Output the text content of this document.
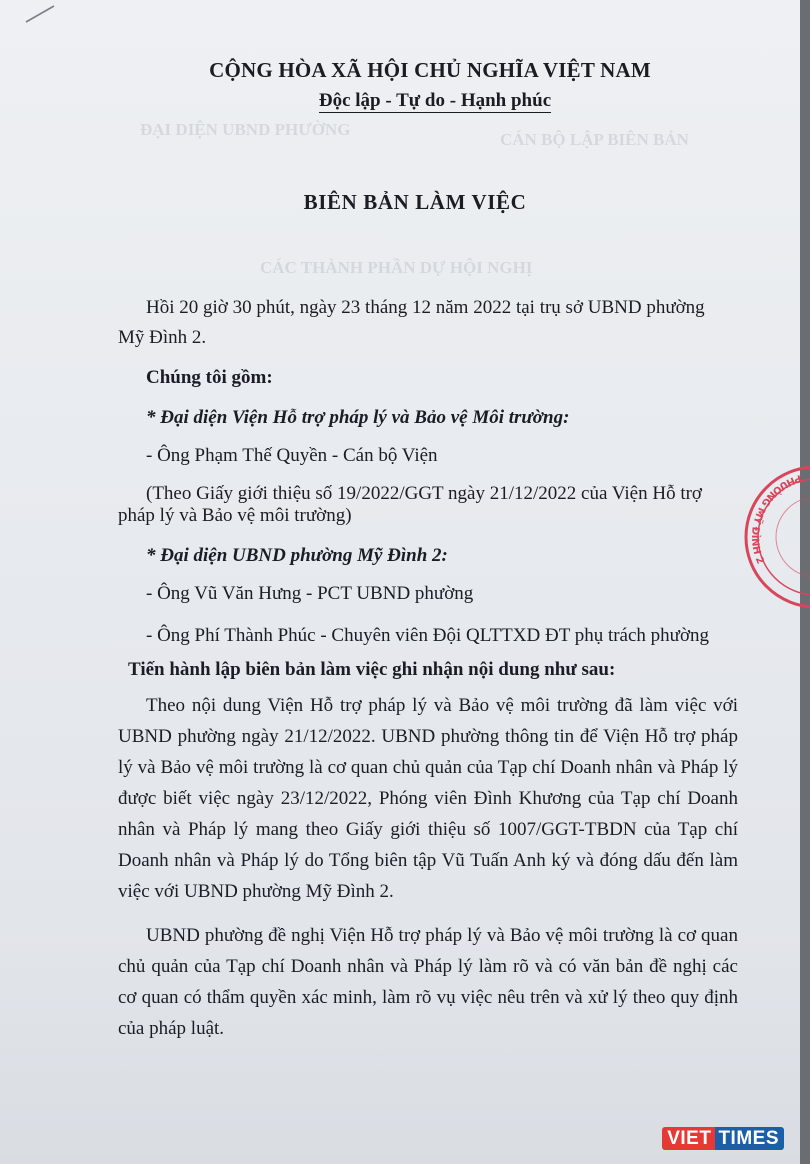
ĐẠI DIỆN UBND PHƯỜNG
CÁN BỘ LẬP BIÊN BẢN
CÁC THÀNH PHẦN DỰ HỘI NGHỊ
CỘNG HÒA XÃ HỘI CHỦ NGHĨA VIỆT NAM
Độc lập - Tự do - Hạnh phúc
BIÊN BẢN LÀM VIỆC
Hồi 20 giờ 30 phút, ngày 23 tháng 12 năm 2022 tại trụ sở UBND phường
Mỹ Đình 2.
Chúng tôi gồm:
* Đại diện Viện Hỗ trợ pháp lý và Bảo vệ Môi trường:
- Ông Phạm Thế Quyền - Cán bộ Viện
(Theo Giấy giới thiệu số 19/2022/GGT ngày 21/12/2022 của Viện Hỗ trợ
pháp lý và Bảo vệ môi trường)
* Đại diện UBND phường Mỹ Đình 2:
- Ông Vũ Văn Hưng - PCT UBND phường
- Ông Phí Thành Phúc - Chuyên viên Đội QLTTXD ĐT phụ trách phường
Tiến hành lập biên bản làm việc ghi nhận nội dung như sau:
Theo nội dung Viện Hỗ trợ pháp lý và Bảo vệ môi trường đã làm việc với UBND phường ngày 21/12/2022. UBND phường thông tin để Viện Hỗ trợ pháp lý và Bảo vệ môi trường là cơ quan chủ quản của Tạp chí Doanh nhân và Pháp lý được biết việc ngày 23/12/2022, Phóng viên Đình Khương của Tạp chí Doanh nhân và Pháp lý mang theo Giấy giới thiệu số 1007/GGT-TBDN của Tạp chí Doanh nhân và Pháp lý do Tổng biên tập Vũ Tuấn Anh ký và đóng dấu đến làm việc với UBND phường Mỹ Đình 2.
UBND phường đề nghị Viện Hỗ trợ pháp lý và Bảo vệ môi trường là cơ quan chủ quản của Tạp chí Doanh nhân và Pháp lý làm rõ và có văn bản đề nghị các cơ quan có thẩm quyền xác minh, làm rõ vụ việc nêu trên và xử lý theo quy định của pháp luật.
PHƯỜNG MỸ ĐÌNH 2
VIET TIMES
